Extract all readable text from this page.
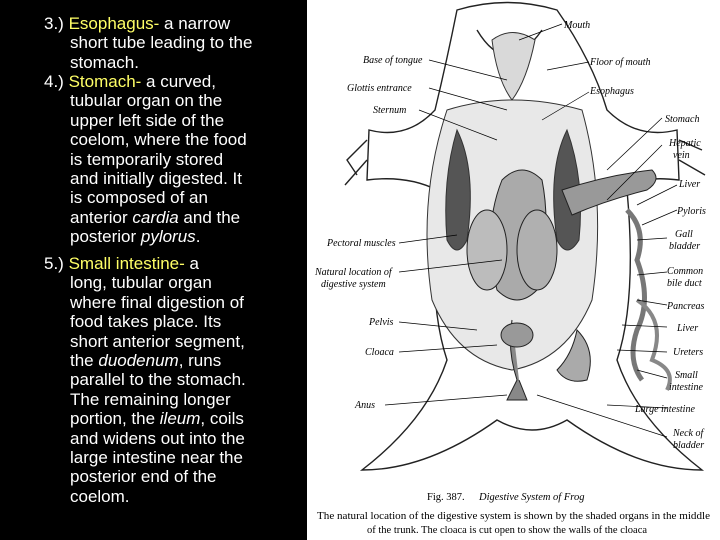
3.) Esophagus- a narrow
short tube leading to the
stomach.
4.) Stomach- a curved,
tubular organ on the
upper left side of the
coelom, where the food
is temporarily stored
and initially digested. It
is composed of an
anterior cardia and the
posterior pylorus.
5.) Small intestine- a
long, tubular organ
where final digestion of
food takes place. Its
short anterior segment,
the duodenum, runs
parallel to the stomach.
The remaining longer
portion, the ileum, coils
and widens out into the
large intestine near the
posterior end of the
coelom.
Mouth
Floor of mouth
Esophagus
Stomach
Hepatic
vein
Liver
Pyloris
Gall
bladder
Common
bile duct
Pancreas
Liver
Ureters
Small
intestine
Large intestine
Neck of
bladder
Base of tongue
Glottis entrance
Sternum
Pectoral muscles
Natural location of
digestive system
Pelvis
Cloaca
Anus
Fig. 387. Digestive System of Frog
The natural location of the digestive system is shown by the shaded organs in the middle
of the trunk. The cloaca is cut open to show the walls of the cloaca
